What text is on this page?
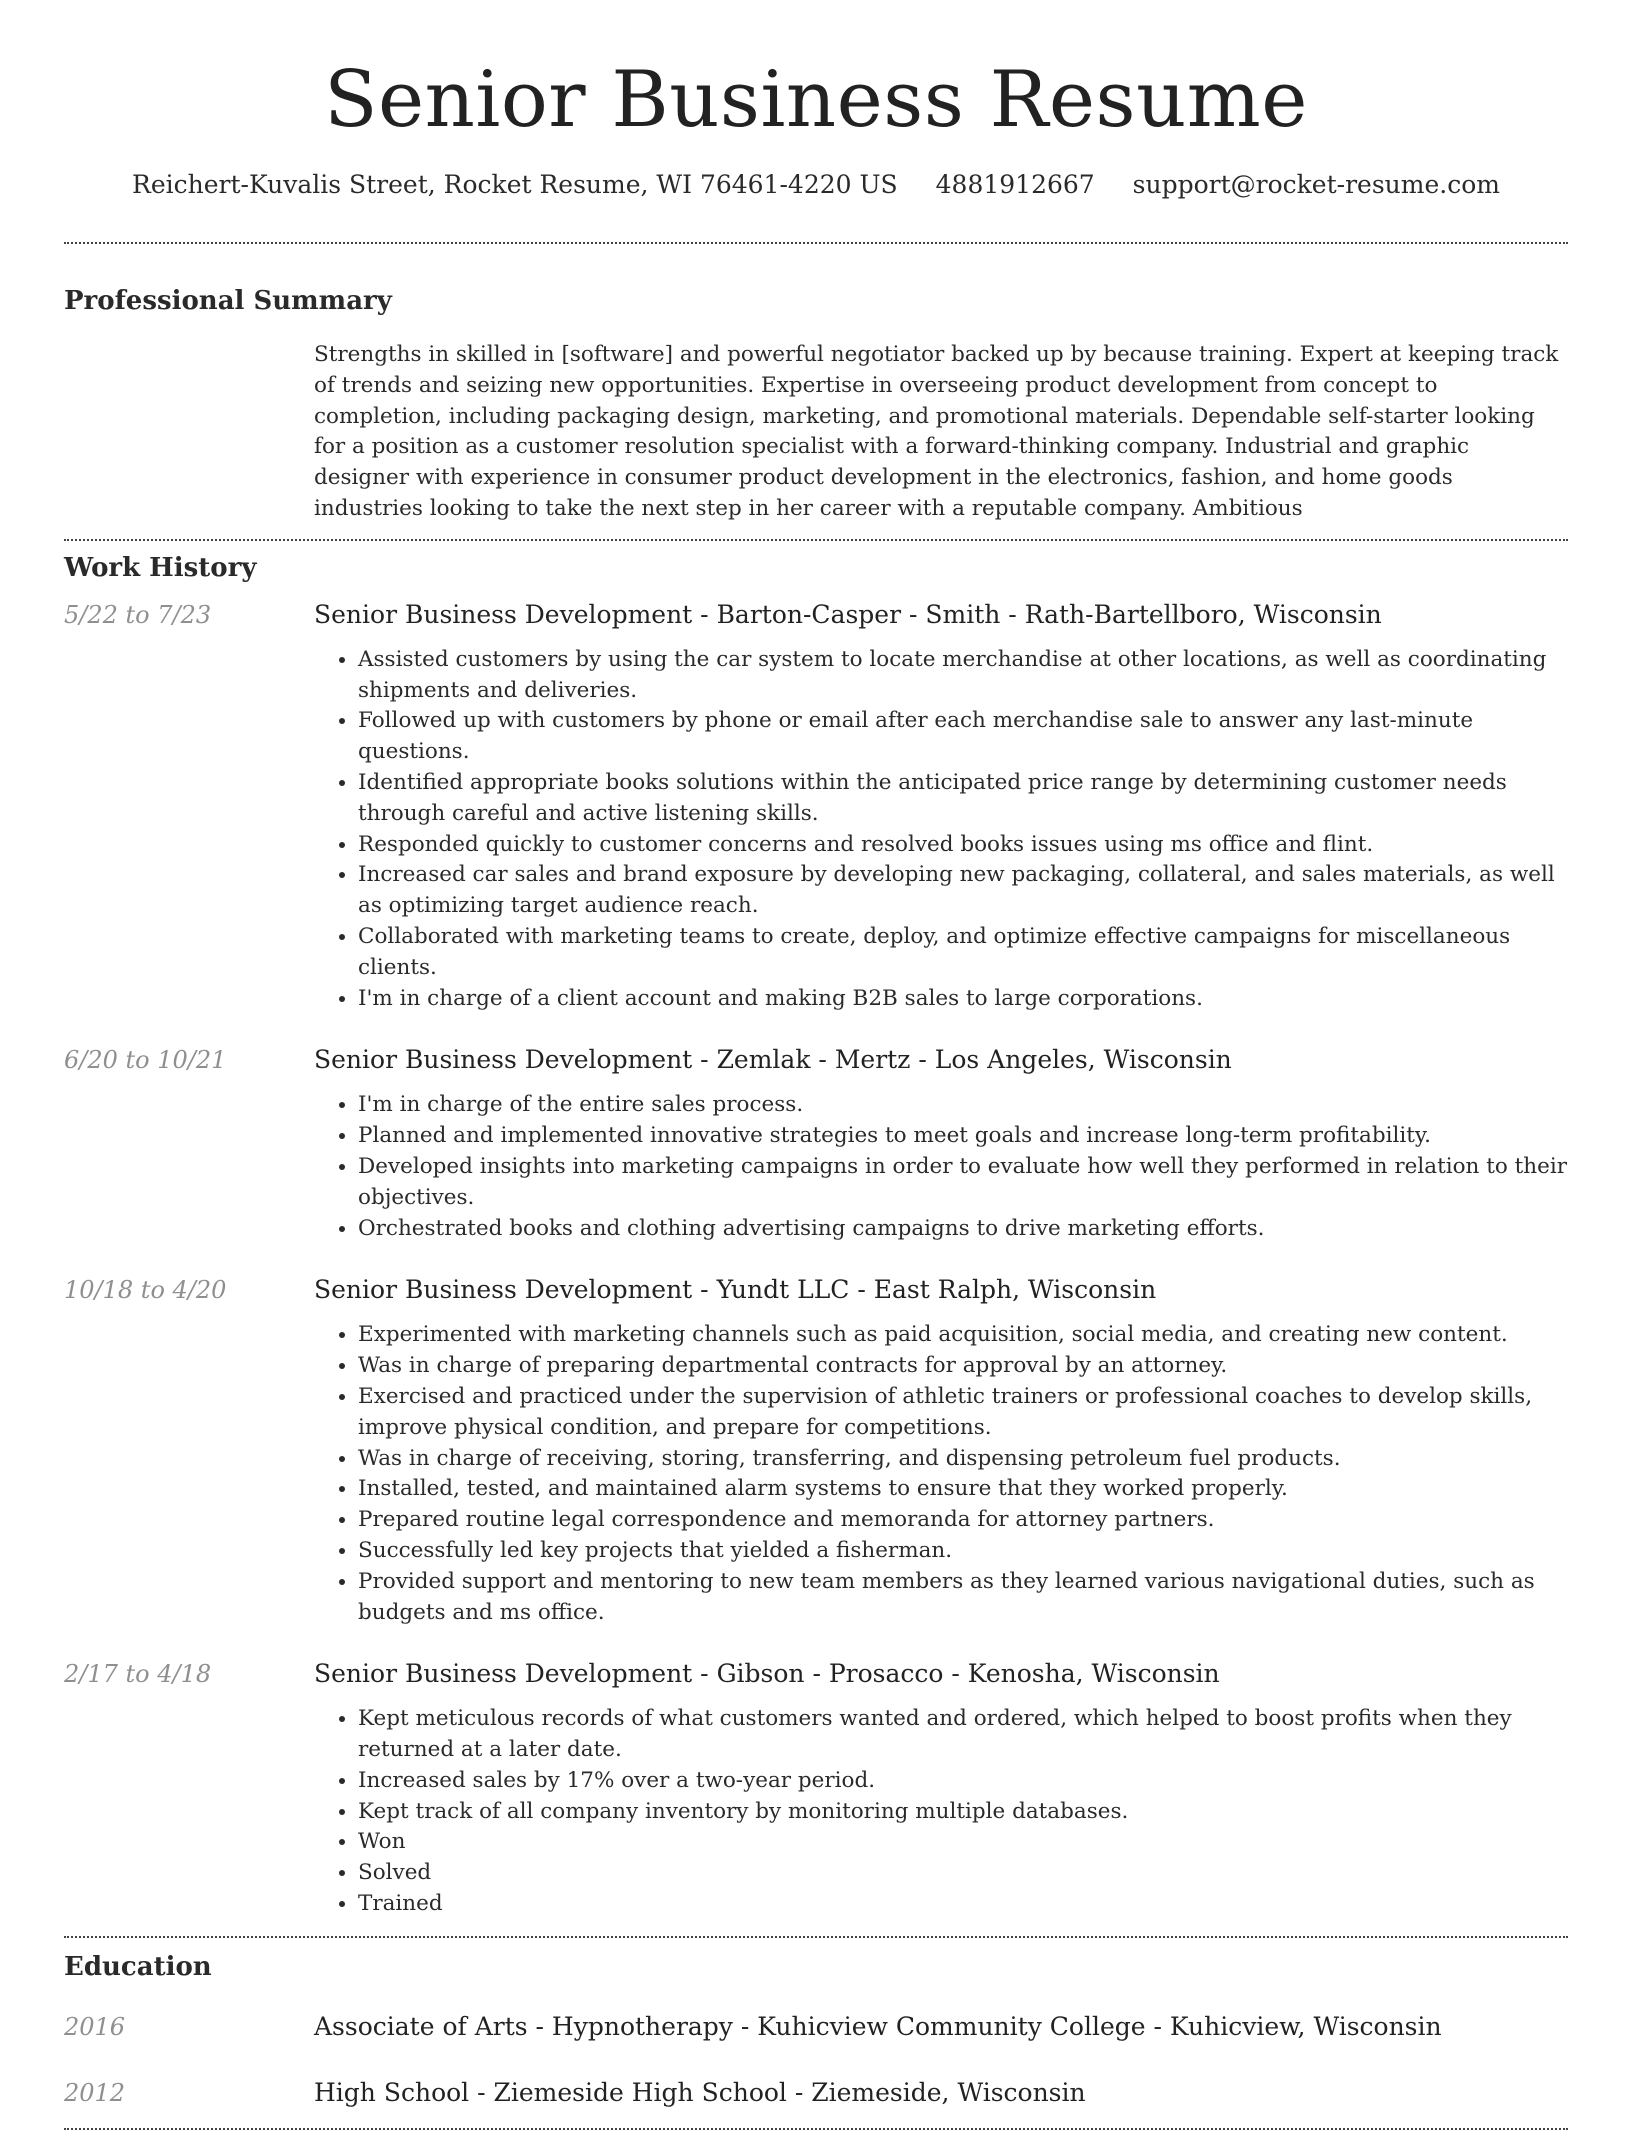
Senior Business Resume
Reichert-Kuvalis Street, Rocket Resume, WI 76461-4220 US 4881912667 support@rocket-resume.com
Professional Summary

Strengths in skilled in [software] and powerful negotiator backed up by because training. Expert at keeping track of trends and seizing new opportunities. Expertise in overseeing product development from concept to completion, including packaging design, marketing, and promotional materials. Dependable self-starter looking for a position as a customer resolution specialist with a forward-thinking company. Industrial and graphic designer with experience in consumer product development in the electronics, fashion, and home goods industries looking to take the next step in her career with a reputable company. Ambitious

Work History
5/22 to 7/23	Senior Business Development - Barton-Casper - Smith - Rath-Bartellboro, Wisconsin
• Assisted customers by using the car system to locate merchandise at other locations, as well as coordinating shipments and deliveries.
• Followed up with customers by phone or email after each merchandise sale to answer any last-minute questions.
• Identified appropriate books solutions within the anticipated price range by determining customer needs through careful and active listening skills.
• Responded quickly to customer concerns and resolved books issues using ms office and flint.
• Increased car sales and brand exposure by developing new packaging, collateral, and sales materials, as well as optimizing target audience reach.
• Collaborated with marketing teams to create, deploy, and optimize effective campaigns for miscellaneous clients.
• I'm in charge of a client account and making B2B sales to large corporations.
6/20 to 10/21	Senior Business Development - Zemlak - Mertz - Los Angeles, Wisconsin
• I'm in charge of the entire sales process.
• Planned and implemented innovative strategies to meet goals and increase long-term profitability.
• Developed insights into marketing campaigns in order to evaluate how well they performed in relation to their objectives.
• Orchestrated books and clothing advertising campaigns to drive marketing efforts.
10/18 to 4/20	Senior Business Development - Yundt LLC - East Ralph, Wisconsin
• Experimented with marketing channels such as paid acquisition, social media, and creating new content.
• Was in charge of preparing departmental contracts for approval by an attorney.
• Exercised and practiced under the supervision of athletic trainers or professional coaches to develop skills, improve physical condition, and prepare for competitions.
• Was in charge of receiving, storing, transferring, and dispensing petroleum fuel products.
• Installed, tested, and maintained alarm systems to ensure that they worked properly.
• Prepared routine legal correspondence and memoranda for attorney partners.
• Successfully led key projects that yielded a fisherman.
• Provided support and mentoring to new team members as they learned various navigational duties, such as budgets and ms office.
2/17 to 4/18	Senior Business Development - Gibson - Prosacco - Kenosha, Wisconsin
• Kept meticulous records of what customers wanted and ordered, which helped to boost profits when they returned at a later date.
• Increased sales by 17% over a two-year period.
• Kept track of all company inventory by monitoring multiple databases.
• Won
• Solved
• Trained
Education
2016	Associate of Arts - Hypnotherapy - Kuhicview Community College - Kuhicview, Wisconsin
2012	High School - Ziemeside High School - Ziemeside, Wisconsin
